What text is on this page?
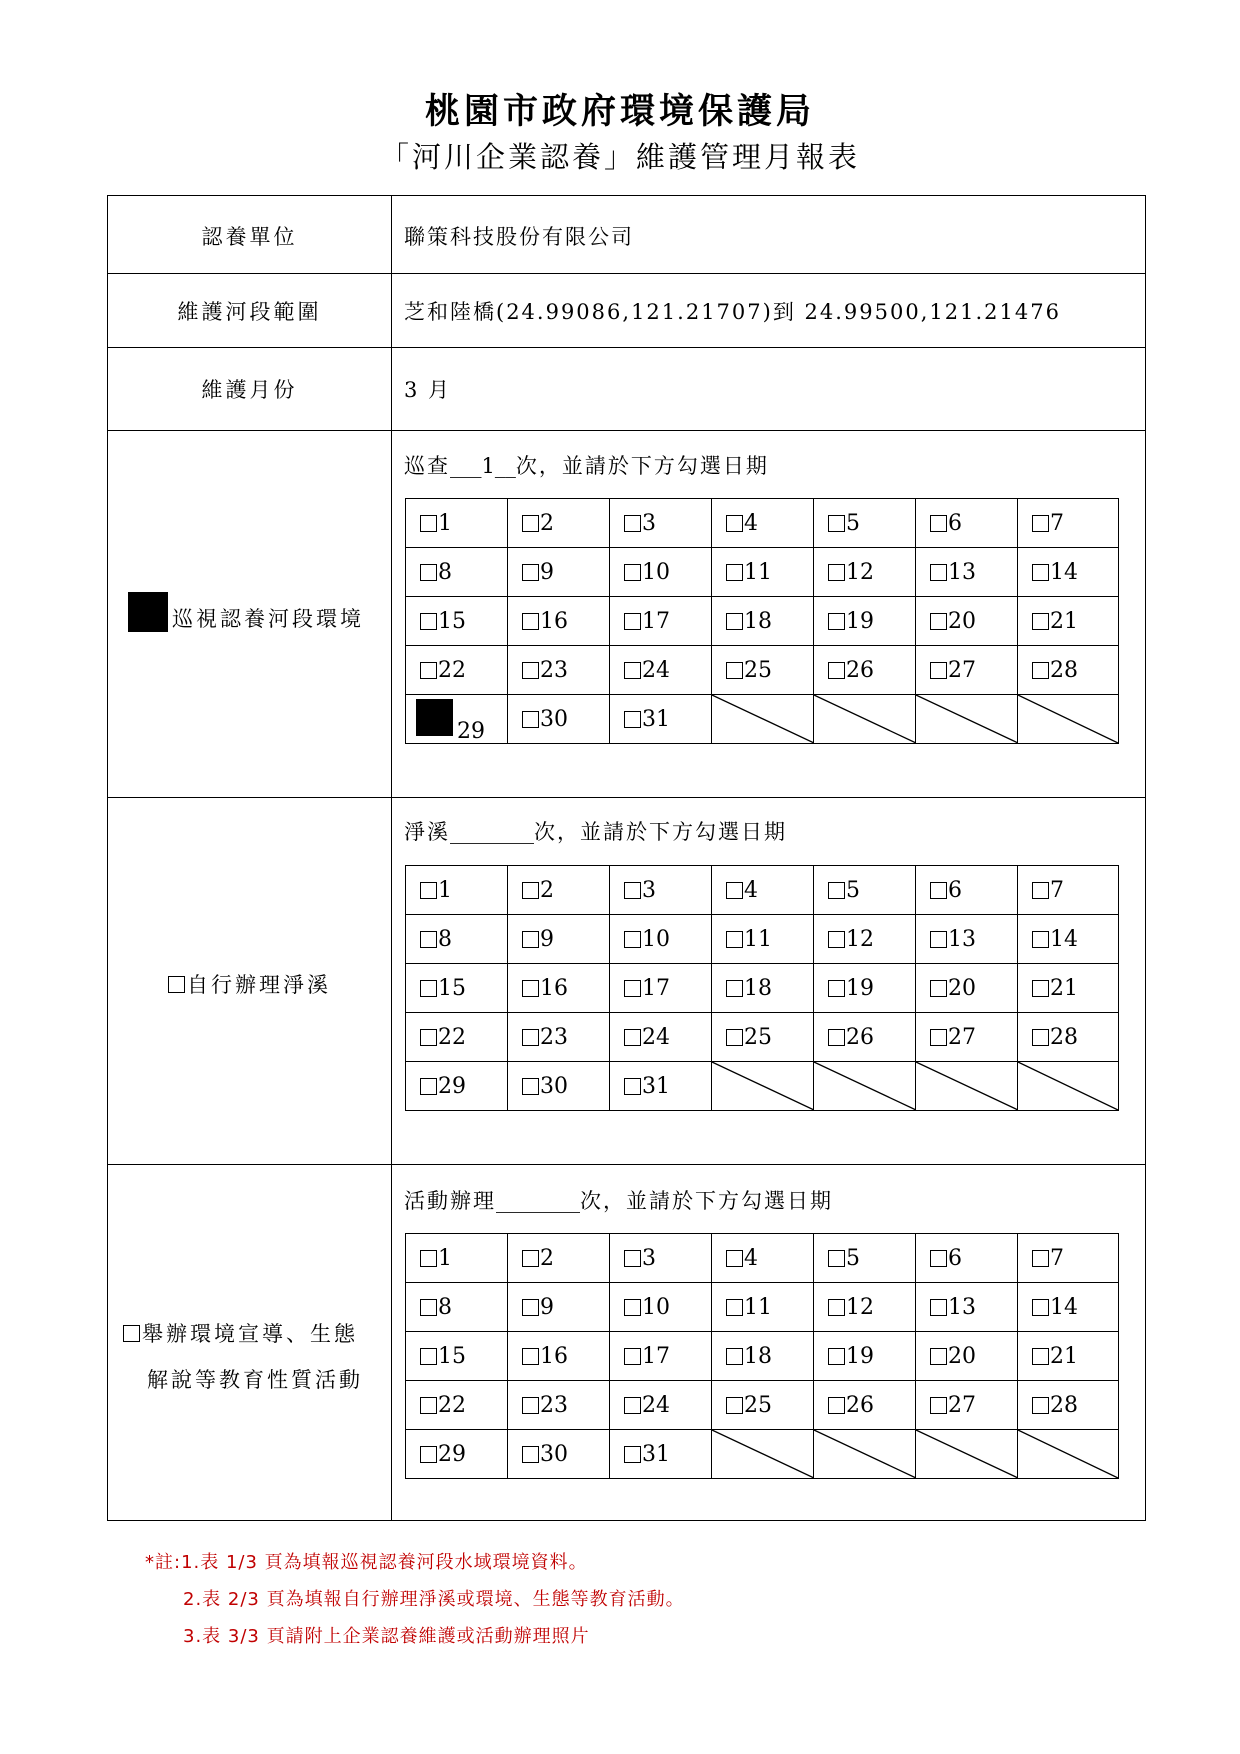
桃園市政府環境保護局
「河川企業認養」維護管理月報表
認養單位	聯策科技股份有限公司
維護河段範圍	芝和陸橋(24.99086,121.21707)到 24.99500,121.21476
維護月份	3 月
巡視認養河段環境
巡查___1__次，並請於下方勾選日期
1	2	3	4	5	6	7
8	9	10	11	12	13	14
15	16	17	18	19	20	21
22	23	24	25	26	27	28
29	30	31
自行辦理淨溪
淨溪________次，並請於下方勾選日期
1	2	3	4	5	6	7
8	9	10	11	12	13	14
15	16	17	18	19	20	21
22	23	24	25	26	27	28
29	30	31
舉辦環境宣導、生態
解說等教育性質活動
活動辦理________次，並請於下方勾選日期
1	2	3	4	5	6	7
8	9	10	11	12	13	14
15	16	17	18	19	20	21
22	23	24	25	26	27	28
29	30	31
*註:1.表 1/3 頁為填報巡視認養河段水域環境資料。
2.表 2/3 頁為填報自行辦理淨溪或環境、生態等教育活動。
3.表 3/3 頁請附上企業認養維護或活動辦理照片
